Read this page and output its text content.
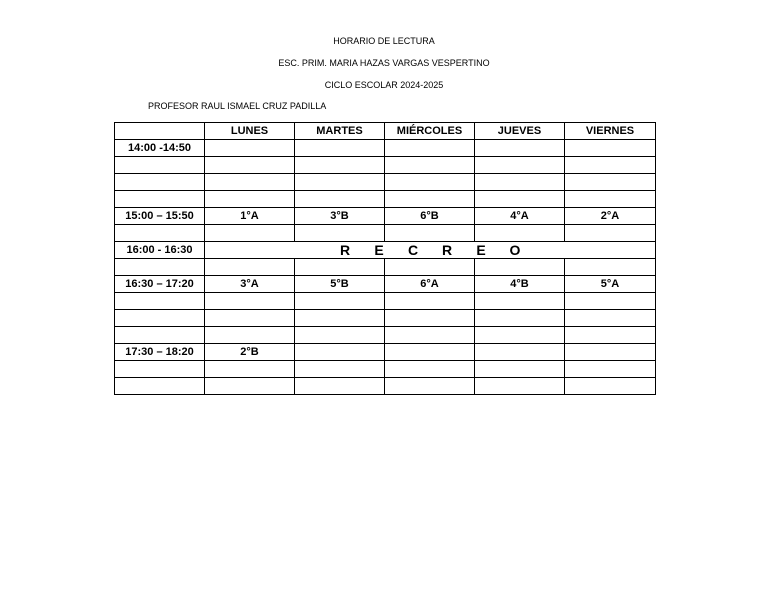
HORARIO DE LECTURA
ESC. PRIM. MARIA HAZAS VARGAS VESPERTINO
CICLO ESCOLAR 2024-2025
PROFESOR RAUL ISMAEL CRUZ PADILLA
	LUNES	MARTES	MIÉRCOLES	JUEVES	VIERNES
14:00 -14:50					

15:00 – 15:50	1°A	3°B	6°B	4°A	2°A

16:00 - 16:30	R E C R E O				

16:30 – 17:20	3°A	5°B	6°A	4°B	5°A

17:30 – 18:20	2°B				
